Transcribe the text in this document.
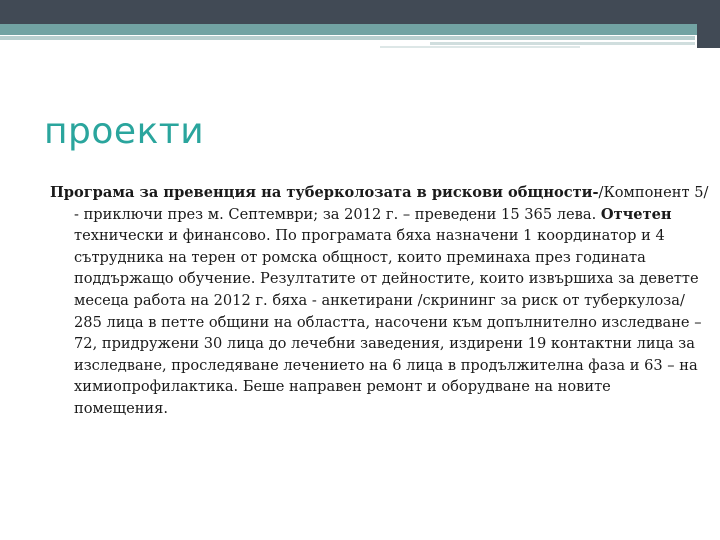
проекти

Програма за превенция на туберколозата в рискови общности-/Компонент 5/ - приключи през м. Септември; за 2012 г. – преведени 15 365 лева. Отчетен технически и финансово. По програмата бяха назначени 1 координатор и 4 сътрудника на терен от ромска общност, които преминаха през годината поддържащо обучение. Резултатите от дейностите, които извършиха за деветте месеца работа на 2012 г. бяха - анкетирани /скрининг за риск от туберкулоза/ 285 лица в петте общини на областта, насочени към допълнително изследване – 72, придружени 30 лица до лечебни заведения, издирени 19 контактни лица за изследване, проследяване лечението на 6 лица в продължителна фаза и 63 – на химиопрофилактика. Беше направен ремонт и оборудване на новите помещения.
